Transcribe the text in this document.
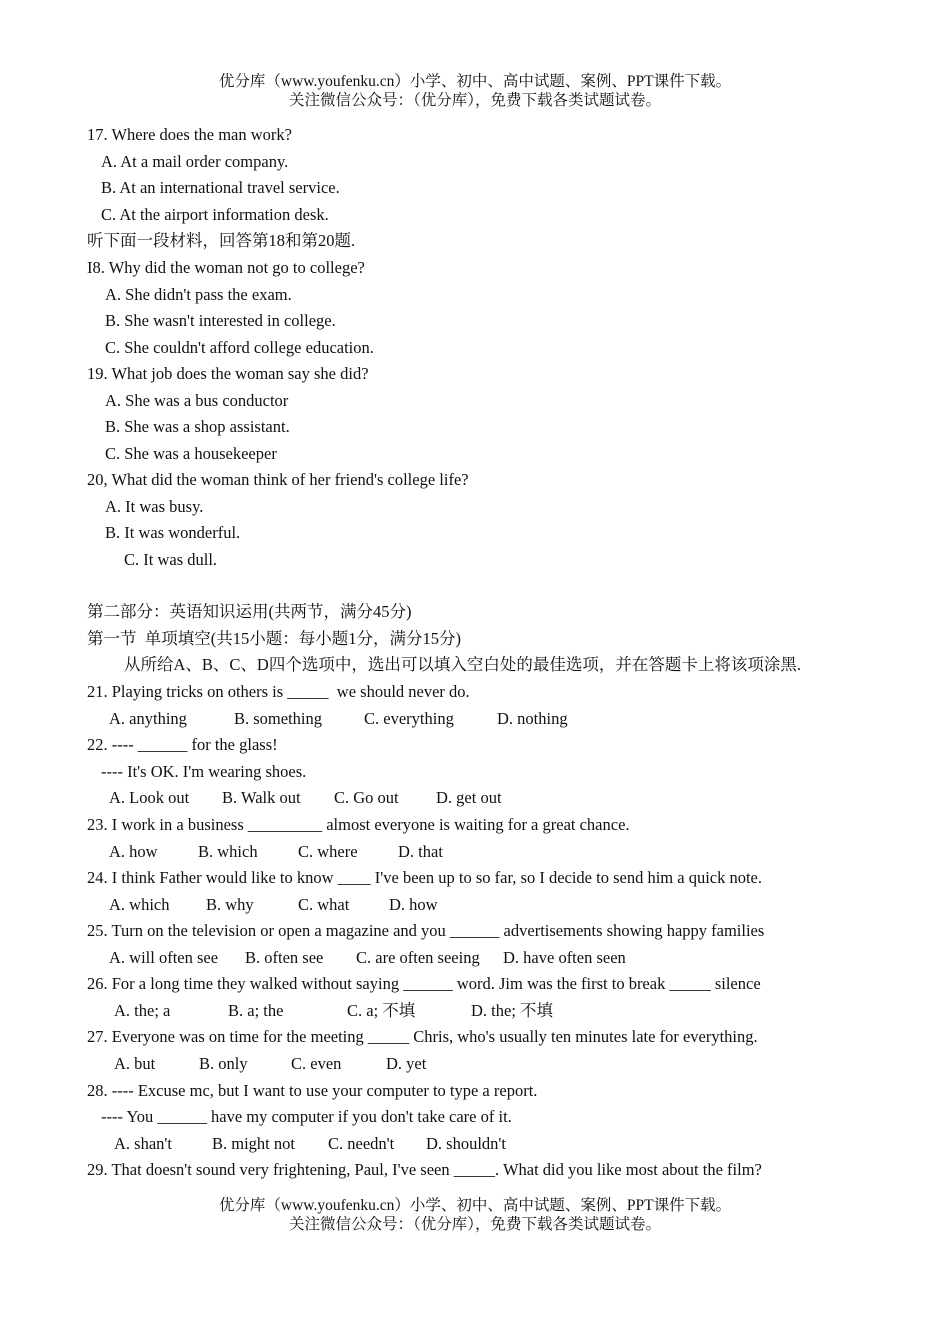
优分库（www.youfenku.cn）小学、初中、高中试题、案例、PPT课件下载。
关注微信公众号：（优分库），免费下载各类试题试卷。
17. Where does the man work?
A. At a mail order company.
B. At an international travel service.
C. At the airport information desk.
听下面一段材料，回答第18和第20题.
I8. Why did the woman not go to college?
A. She didn't pass the exam.
B. She wasn't interested in college.
C. She couldn't afford college education.
19. What job does the woman say she did?
A. She was a bus conductor
B. She was a shop assistant.
C. She was a housekeeper
20, What did the woman think of her friend's college life?
A. It was busy.
B. It was wonderful.
C. It was dull.
第二部分：英语知识运用(共两节，满分45分)
第一节  单项填空(共15小题：每小题1分，满分15分)
从所给A、B、C、D四个选项中，选出可以填入空白处的最佳选项，并在答题卡上将该项涂黑.
21. Playing tricks on others is _____  we should never do.
A. anything	B. something	C. everything	D. nothing
22. ---- ______ for the glass!
---- It's OK. I'm wearing shoes.
A. Look out B. Walk out C. Go out D. get out
23. I work in a business _________ almost everyone is waiting for a great chance.
A. how B. which C. where D. that
24. I think Father would like to know ____ I've been up to so far, so I decide to send him a quick note.
A. which B. why	C. what D. how
25. Turn on the television or open a magazine and you ______ advertisements showing happy families
A. will often see B. often see C. are often seeing D. have often seen
26. For a long time they walked without saying ______ word. Jim was the first to break _____ silence
A. the; a	B. a; the	C. a; 不填	D. the; 不填
27. Everyone was on time for the meeting _____ Chris, who's usually ten minutes late for everything.
A. but	B. only	C. even	D. yet
28. ---- Excuse mc, but I want to use your computer to type a report.
---- You ______ have my computer if you don't take care of it.
A. shan't B. might not C. needn't D. shouldn't
29. That doesn't sound very frightening, Paul, I've seen _____. What did you like most about the film?
优分库（www.youfenku.cn）小学、初中、高中试题、案例、PPT课件下载。
关注微信公众号：（优分库），免费下载各类试题试卷。
